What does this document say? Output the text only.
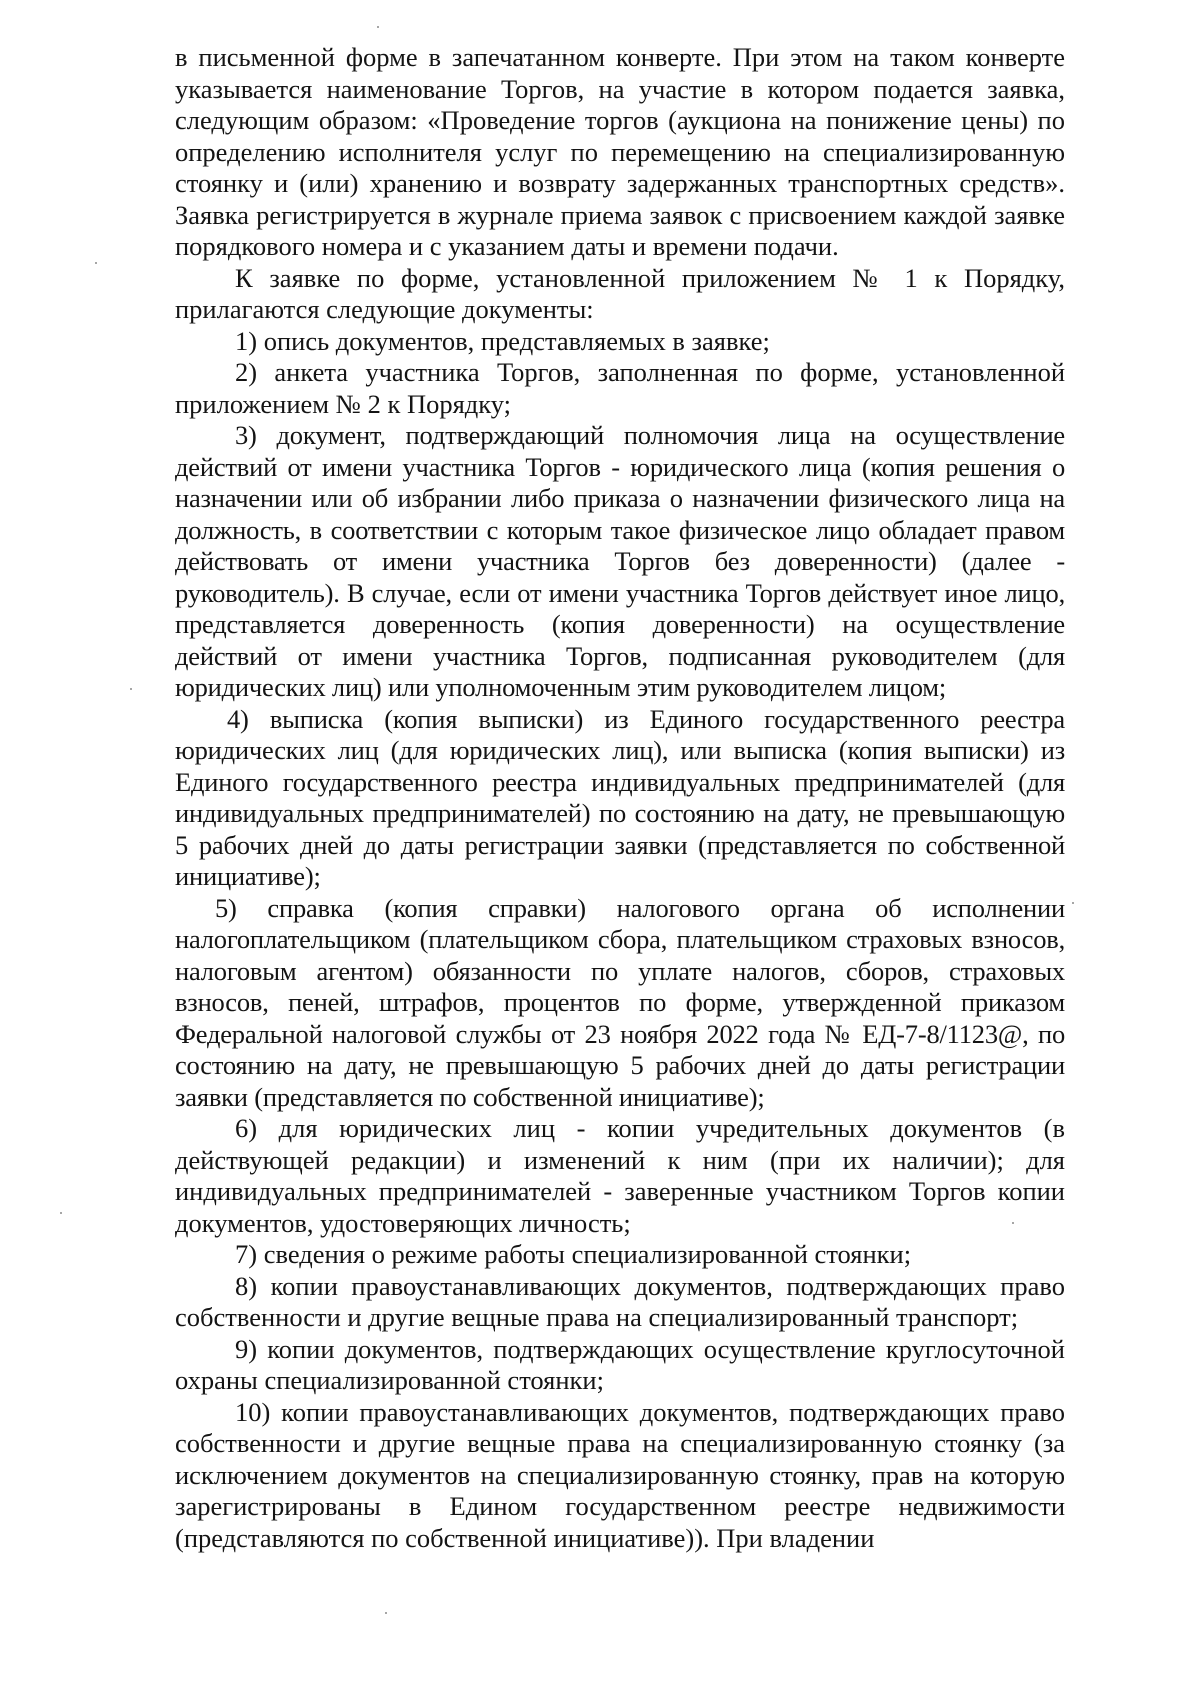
в письменной форме в запечатанном конверте. При этом на таком конверте указывается наименование Торгов, на участие в котором подается заявка, следующим образом: «Проведение торгов (аукциона на понижение цены) по определению исполнителя услуг по перемещению на специализированную стоянку и (или) хранению и возврату задержанных транспортных средств». Заявка регистрируется в журнале приема заявок с присвоением каждой заявке порядкового номера и с указанием даты и времени подачи.

К заявке по форме, установленной приложением № 1 к Порядку, прилагаются следующие документы:

1) опись документов, представляемых в заявке;

2) анкета участника Торгов, заполненная по форме, установленной приложением № 2 к Порядку;

3) документ, подтверждающий полномочия лица на осуществление действий от имени участника Торгов - юридического лица (копия решения о назначении или об избрании либо приказа о назначении физического лица на должность, в соответствии с которым такое физическое лицо обладает правом действовать от имени участника Торгов без доверенности) (далее - руководитель). В случае, если от имени участника Торгов действует иное лицо, представляется доверенность (копия доверенности) на осуществление действий от имени участника Торгов, подписанная руководителем (для юридических лиц) или уполномоченным этим руководителем лицом;

4) выписка (копия выписки) из Единого государственного реестра юридических лиц (для юридических лиц), или выписка (копия выписки) из Единого государственного реестра индивидуальных предпринимателей (для индивидуальных предпринимателей) по состоянию на дату, не превышающую 5 рабочих дней до даты регистрации заявки (представляется по собственной инициативе);

5) справка (копия справки) налогового органа об исполнении налогоплательщиком (плательщиком сбора, плательщиком страховых взносов, налоговым агентом) обязанности по уплате налогов, сборов, страховых взносов, пеней, штрафов, процентов по форме, утвержденной приказом Федеральной налоговой службы от 23 ноября 2022 года № ЕД-7-8/1123@, по состоянию на дату, не превышающую 5 рабочих дней до даты регистрации заявки (представляется по собственной инициативе);

6) для юридических лиц - копии учредительных документов (в действующей редакции) и изменений к ним (при их наличии); для индивидуальных предпринимателей - заверенные участником Торгов копии документов, удостоверяющих личность;

7) сведения о режиме работы специализированной стоянки;

8) копии правоустанавливающих документов, подтверждающих право собственности и другие вещные права на специализированный транспорт;

9) копии документов, подтверждающих осуществление круглосуточной охраны специализированной стоянки;

10) копии правоустанавливающих документов, подтверждающих право собственности и другие вещные права на специализированную стоянку (за исключением документов на специализированную стоянку, прав на которую зарегистрированы в Едином государственном реестре недвижимости (представляются по собственной инициативе)). При владении
